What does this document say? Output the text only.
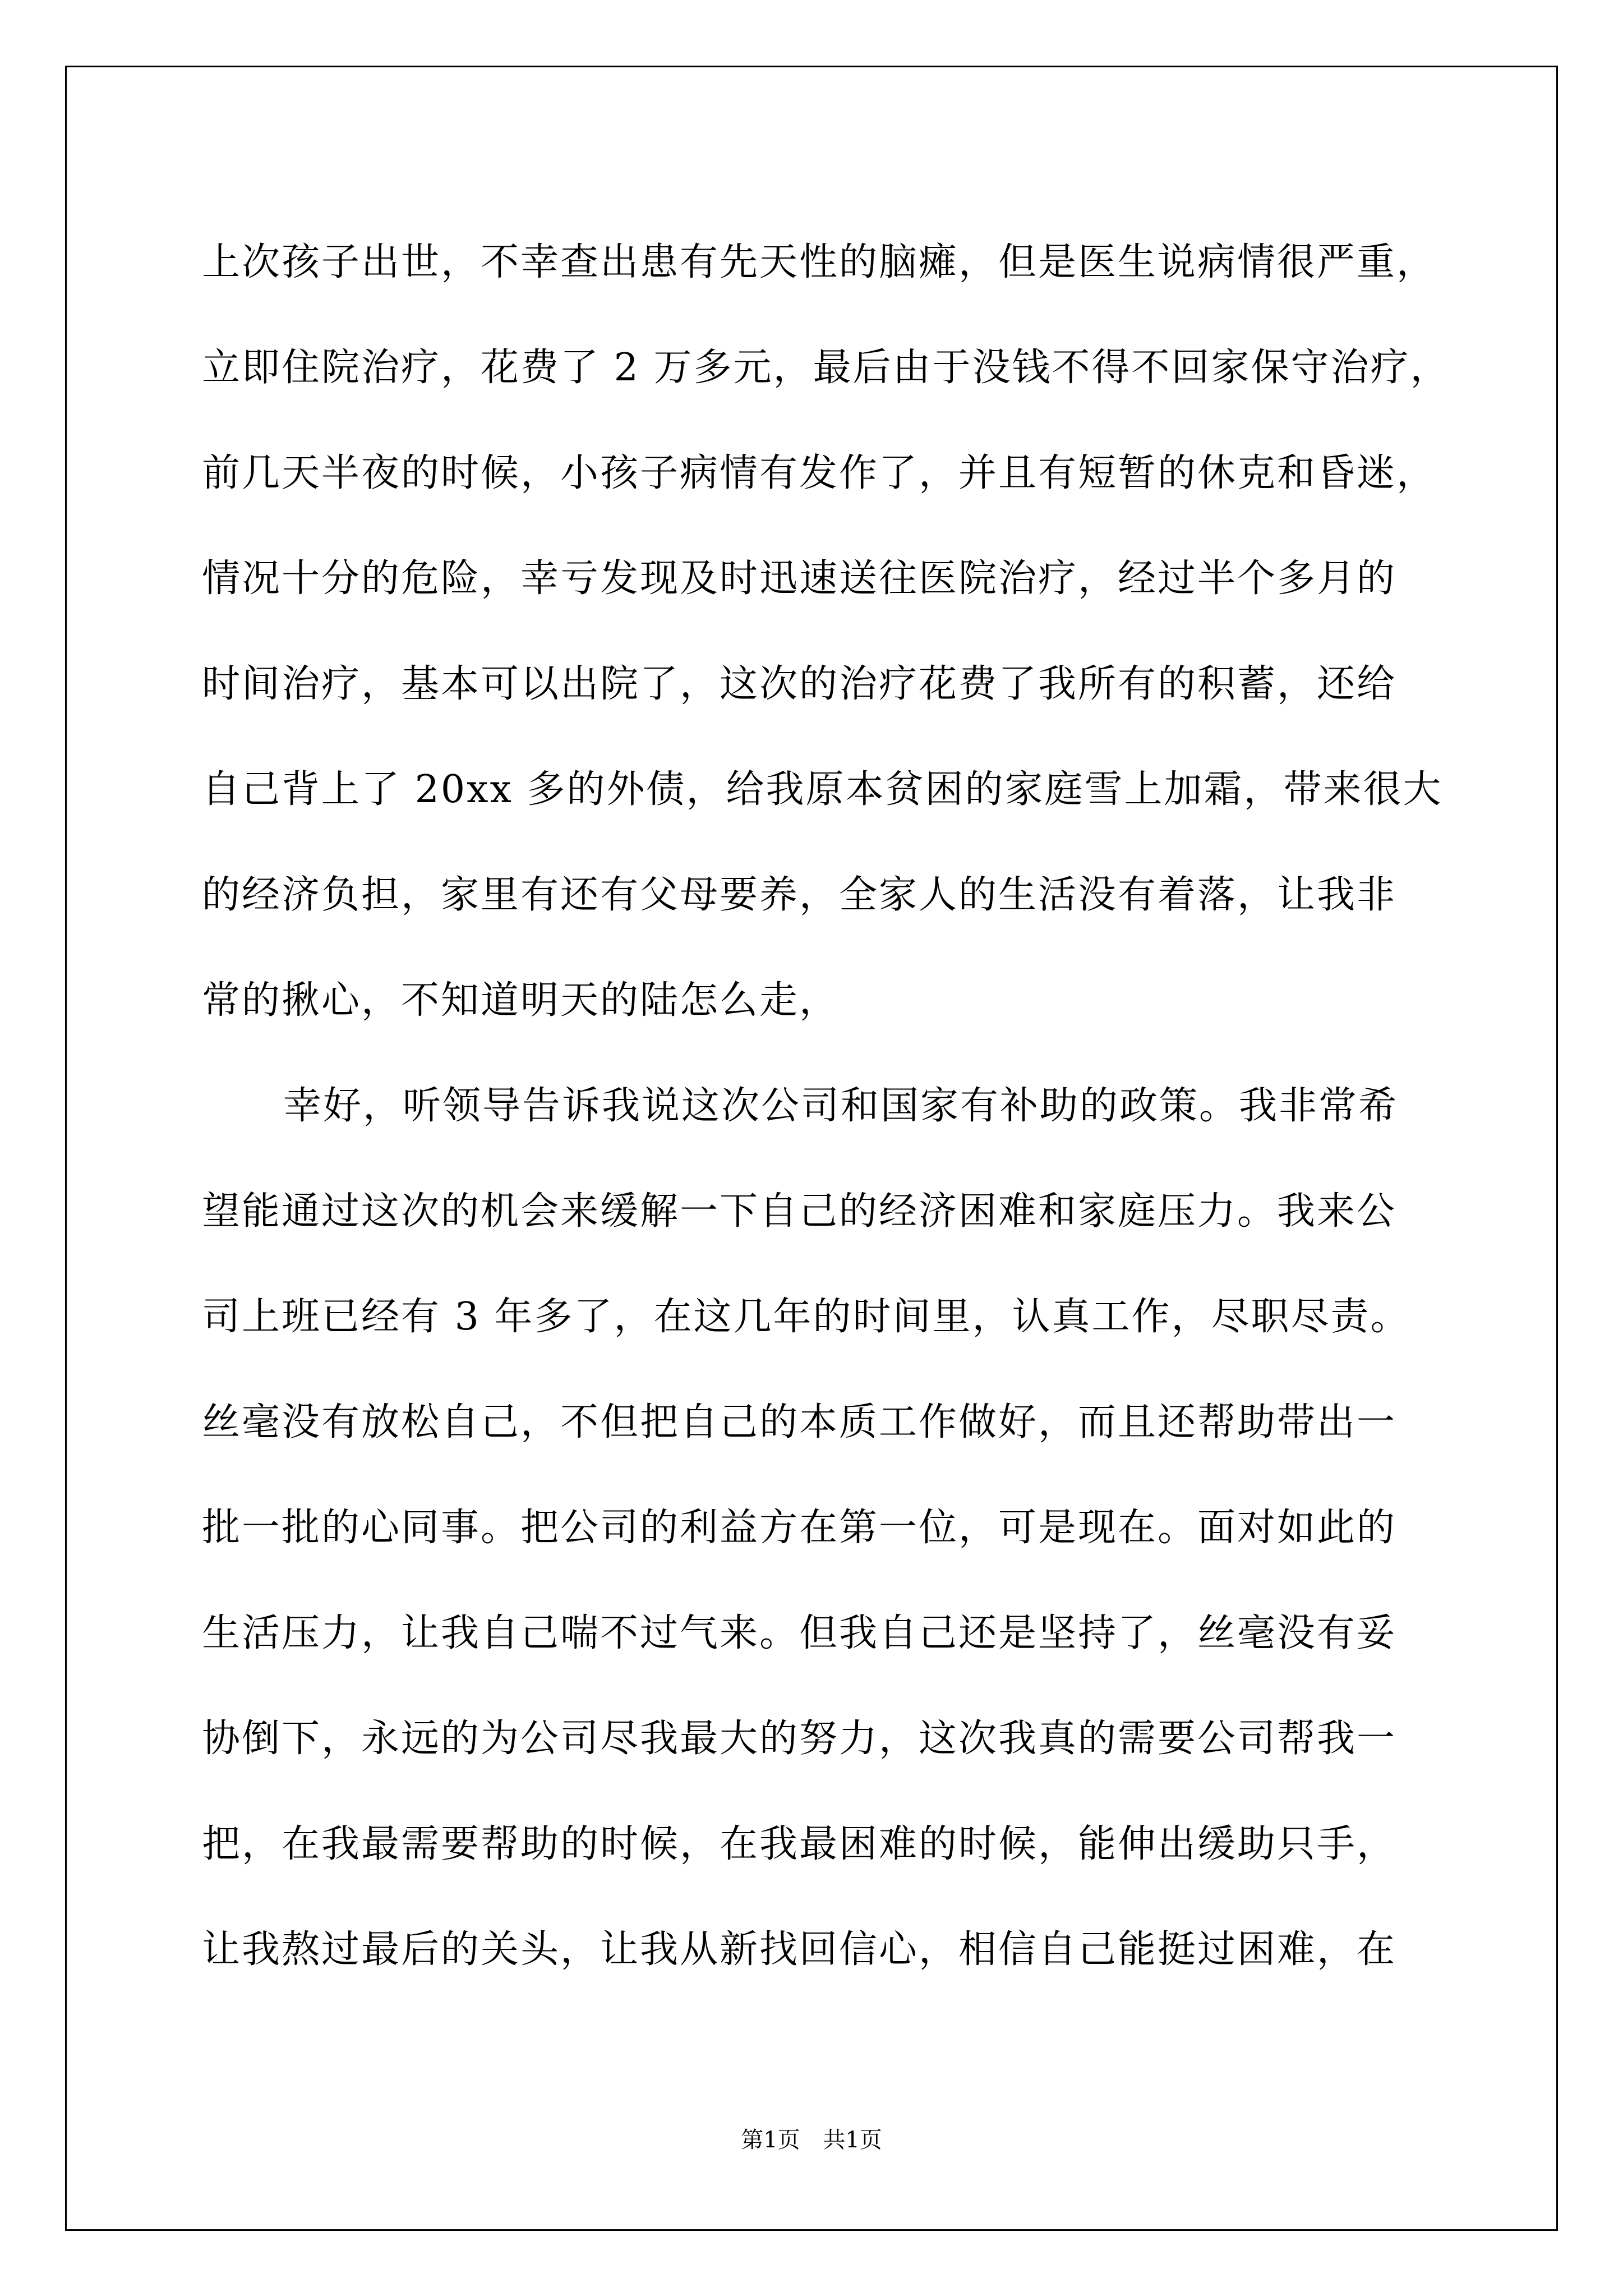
上次孩子出世，不幸查出患有先天性的脑瘫，但是医生说病情很严重，
立即住院治疗，花费了 2 万多元，最后由于没钱不得不回家保守治疗，
前几天半夜的时候，小孩子病情有发作了，并且有短暂的休克和昏迷，
情况十分的危险，幸亏发现及时迅速送往医院治疗，经过半个多月的
时间治疗，基本可以出院了，这次的治疗花费了我所有的积蓄，还给
自己背上了 20xx 多的外债，给我原本贫困的家庭雪上加霜，带来很大
的经济负担，家里有还有父母要养，全家人的生活没有着落，让我非
常的揪心，不知道明天的陆怎么走，
幸好，听领导告诉我说这次公司和国家有补助的政策。我非常希
望能通过这次的机会来缓解一下自己的经济困难和家庭压力。我来公
司上班已经有 3 年多了，在这几年的时间里，认真工作，尽职尽责。
丝毫没有放松自己，不但把自己的本质工作做好，而且还帮助带出一
批一批的心同事。把公司的利益方在第一位，可是现在。面对如此的
生活压力，让我自己喘不过气来。但我自己还是坚持了，丝毫没有妥
协倒下，永远的为公司尽我最大的努力，这次我真的需要公司帮我一
把，在我最需要帮助的时候，在我最困难的时候，能伸出缓助只手，
让我熬过最后的关头，让我从新找回信心，相信自己能挺过困难，在
第1页 共1页
